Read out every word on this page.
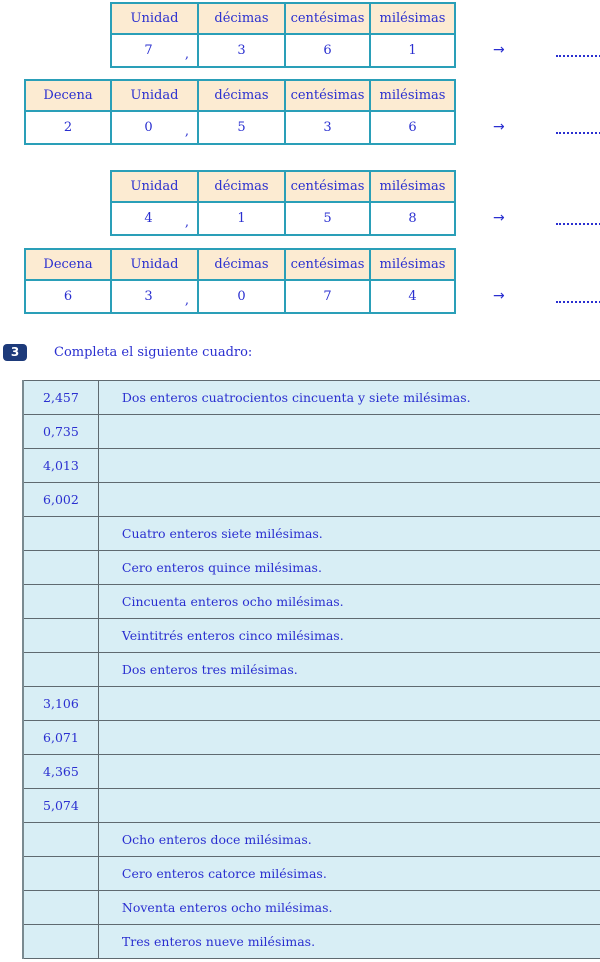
Unidad	décimas	centésimas	milésimas
7 ,	3	6	1	→
Decena	Unidad	décimas	centésimas	milésimas
2	0 ,	5	3	6	→
Unidad	décimas	centésimas	milésimas
4 ,	1	5	8	→
Decena	Unidad	décimas	centésimas	milésimas
6	3 ,	0	7	4	→
3	Completa el siguiente cuadro:
2,457	Dos enteros cuatrocientos cincuenta y siete milésimas.
0,735	
4,013	
6,002	
	Cuatro enteros siete milésimas.
	Cero enteros quince milésimas.
	Cincuenta enteros ocho milésimas.
	Veintitrés enteros cinco milésimas.
	Dos enteros tres milésimas.
3,106	
6,071	
4,365	
5,074	
	Ocho enteros doce milésimas.
	Cero enteros catorce milésimas.
	Noventa enteros ocho milésimas.
	Tres enteros nueve milésimas.
